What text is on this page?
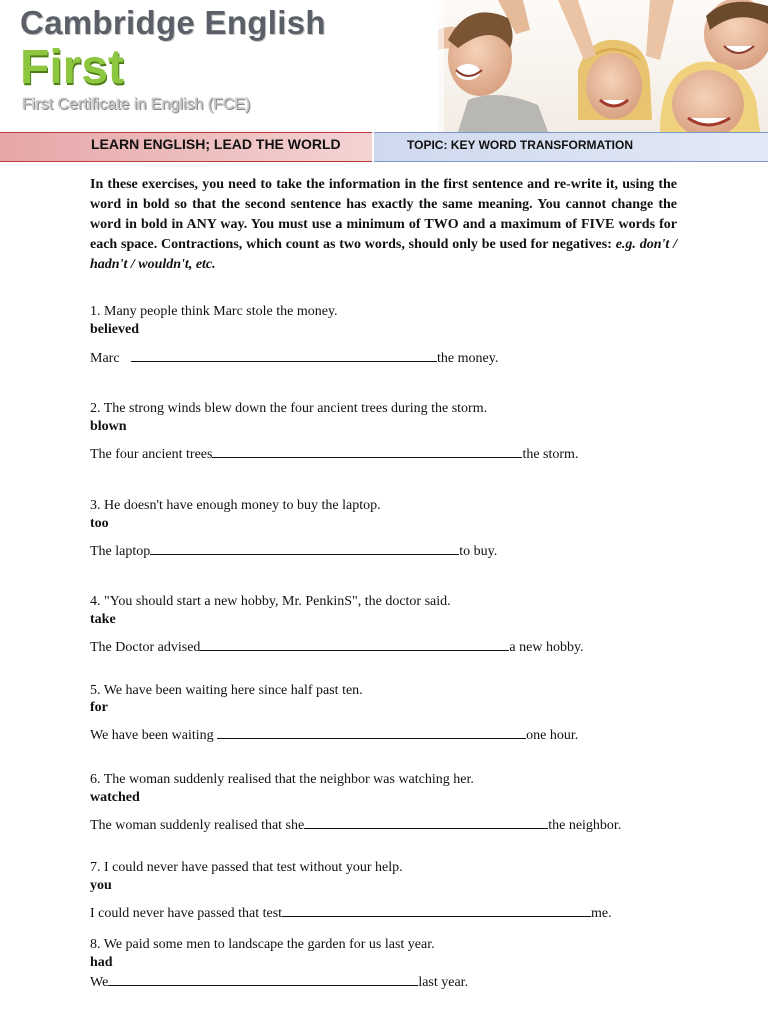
Cambridge English
First
First Certificate in English (FCE)
LEARN ENGLISH; LEAD THE WORLD	TOPIC: KEY WORD TRANSFORMATION
In these exercises, you need to take the information in the first sentence and re-write it, using the word in bold so that the second sentence has exactly the same meaning. You cannot change the word in bold in ANY way. You must use a minimum of TWO and a maximum of FIVE words for each space. Contractions, which count as two words, should only be used for negatives: e.g. don't / hadn't / wouldn't, etc.
1. Many people think Marc stole the money.
believed
Marc	the money.
2. The strong winds blew down the four ancient trees during the storm.
blown
The four ancient trees	the storm.
3. He doesn't have enough money to buy the laptop.
too
The laptop	to buy.
4. "You should start a new hobby, Mr. PenkinS", the doctor said.
take
The Doctor advised	a new hobby.
5. We have been waiting here since half past ten.
for
We have been waiting	one hour.
6. The woman suddenly realised that the neighbor was watching her.
watched
The woman suddenly realised that she	the neighbor.
7. I could never have passed that test without your help.
you
I could never have passed that test	me.
8. We paid some men to landscape the garden for us last year.
had
We	last year.
